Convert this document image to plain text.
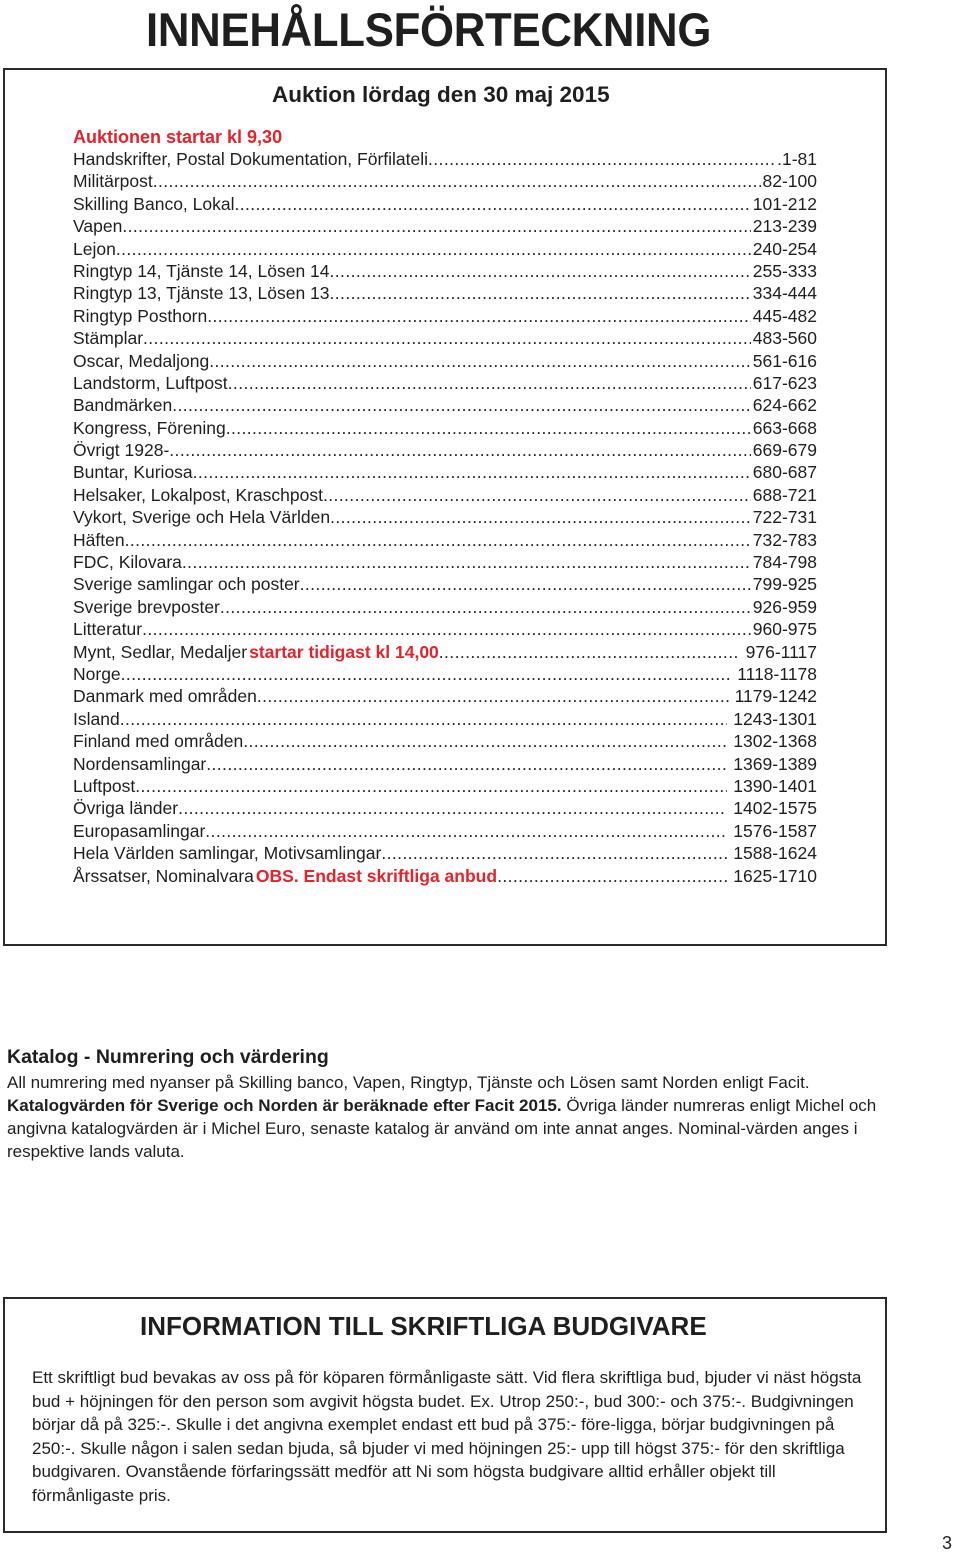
INNEHÅLLSFÖRTECKNING
Auktion lördag den 30 maj 2015
Auktionen startar kl 9,30
Handskrifter, Postal Dokumentation, Förfilateli .....	.1-81
Militärpost .....	82-100
Skilling Banco, Lokal .....	101-212
Vapen .....	213-239
Lejon .....	240-254
Ringtyp 14, Tjänste 14, Lösen 14 .....	255-333
Ringtyp 13, Tjänste 13, Lösen 13 .....	334-444
Ringtyp Posthorn .....	445-482
Stämplar .....	483-560
Oscar, Medaljong .....	561-616
Landstorm, Luftpost .....	617-623
Bandmärken .....	624-662
Kongress, Förening .....	663-668
Övrigt 1928- .....	669-679
Buntar, Kuriosa .....	680-687
Helsaker, Lokalpost, Kraschpost .....	688-721
Vykort, Sverige och Hela Världen .....	722-731
Häften .....	732-783
FDC, Kilovara .....	784-798
Sverige samlingar och poster .....	799-925
Sverige brevposter .....	926-959
Litteratur .....	960-975
Mynt, Sedlar, Medaljer startar tidigast kl 14,00 .....	976-1117
Norge .....	1118-1178
Danmark med områden .....	1179-1242
Island .....	1243-1301
Finland med områden .....	1302-1368
Nordensamlingar .....	1369-1389
Luftpost .....	1390-1401
Övriga länder .....	1402-1575
Europasamlingar .....	1576-1587
Hela Världen samlingar, Motivsamlingar .....	1588-1624
Årssatser, Nominalvara OBS. Endast skriftliga anbud .....	1625-1710
Katalog - Numrering och värdering
All numrering med nyanser på Skilling banco, Vapen, Ringtyp, Tjänste och Lösen samt Norden enligt Facit. Katalogvärden för Sverige och Norden är beräknade efter Facit 2015. Övriga länder numreras enligt Michel och angivna katalogvärden är i Michel Euro, senaste katalog är använd om inte annat anges. Nominal-värden anges i respektive lands valuta.
INFORMATION TILL SKRIFTLIGA BUDGIVARE
Ett skriftligt bud bevakas av oss på för köparen förmånligaste sätt. Vid flera skriftliga bud, bjuder vi näst högsta bud + höjningen för den person som avgivit högsta budet. Ex. Utrop 250:-, bud 300:- och 375:-. Budgivningen börjar då på 325:-. Skulle i det angivna exemplet endast ett bud på 375:- före-ligga, börjar budgivningen på 250:-. Skulle någon i salen sedan bjuda, så bjuder vi med höjningen 25:- upp till högst 375:- för den skriftliga budgivaren. Ovanstående förfaringssätt medför att Ni som högsta budgivare alltid erhåller objekt till förmånligaste pris.
3
